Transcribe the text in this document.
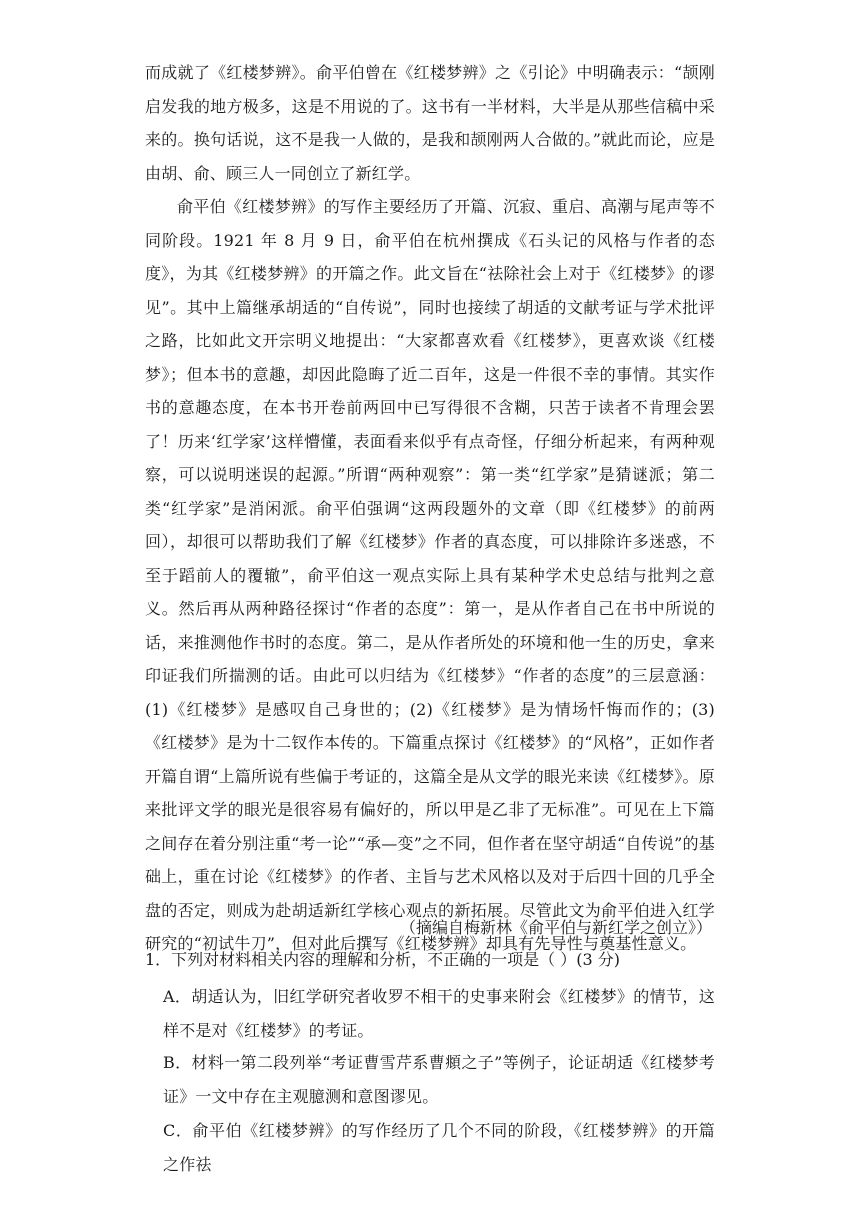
而成就了《红楼梦辨》。俞平伯曾在《红楼梦辨》之《引论》中明确表示：“颉刚启发我的地方极多，这是不用说的了。这书有一半材料，大半是从那些信稿中采来的。换句话说，这不是我一人做的，是我和颉刚两人合做的。”就此而论，应是由胡、俞、顾三人一同创立了新红学。

俞平伯《红楼梦辨》的写作主要经历了开篇、沉寂、重启、高潮与尾声等不同阶段。1921 年 8 月 9 日，俞平伯在杭州撰成《石头记的风格与作者的态度》，为其《红楼梦辨》的开篇之作。此文旨在“祛除社会上对于《红楼梦》的谬见”。其中上篇继承胡适的“自传说”，同时也接续了胡适的文献考证与学术批评之路，比如此文开宗明义地提出：“大家都喜欢看《红楼梦》，更喜欢谈《红楼梦》；但本书的意趣，却因此隐晦了近二百年，这是一件很不幸的事情。其实作书的意趣态度，在本书开卷前两回中已写得很不含糊，只苦于读者不肯理会罢了！历来‘红学家’这样懵懂，表面看来似乎有点奇怪，仔细分析起来，有两种观察，可以说明迷误的起源。”所谓“两种观察”：第一类“红学家”是猜谜派；第二类“红学家”是消闲派。俞平伯强调“这两段题外的文章（即《红楼梦》的前两回），却很可以帮助我们了解《红楼梦》作者的真态度，可以排除许多迷惑，不至于蹈前人的覆辙”，俞平伯这一观点实际上具有某种学术史总结与批判之意义。然后再从两种路径探讨“作者的态度”：第一，是从作者自己在书中所说的话，来推测他作书时的态度。第二，是从作者所处的环境和他一生的历史，拿来印证我们所揣测的话。由此可以归结为《红楼梦》“作者的态度”的三层意涵：(1)《红楼梦》是感叹自己身世的；(2)《红楼梦》是为情场忏悔而作的；(3)《红楼梦》是为十二钗作本传的。下篇重点探讨《红楼梦》的“风格”，正如作者开篇自谓“上篇所说有些偏于考证的，这篇全是从文学的眼光来读《红楼梦》。原来批评文学的眼光是很容易有偏好的，所以甲是乙非了无标准”。可见在上下篇之间存在着分别注重“考一论”“承—变”之不同，但作者在坚守胡适“自传说”的基础上，重在讨论《红楼梦》的作者、主旨与艺术风格以及对于后四十回的几乎全盘的否定，则成为赴胡适新红学核心观点的新拓展。尽管此文为俞平伯进入红学研究的“初试牛刀”，但对此后撰写《红楼梦辨》却具有先导性与奠基性意义。

（摘编自梅新林《俞平伯与新红学之创立》）

1．下列对材料相关内容的理解和分析，不正确的一项是（ ）(3 分)

A．胡适认为，旧红学研究者收罗不相干的史事来附会《红楼梦》的情节，这样不是对《红楼梦》的考证。

B．材料一第二段列举“考证曹雪芹系曹頫之子”等例子，论证胡适《红楼梦考证》一文中存在主观臆测和意图谬见。

C．俞平伯《红楼梦辨》的写作经历了几个不同的阶段，《红楼梦辨》的开篇之作祛
